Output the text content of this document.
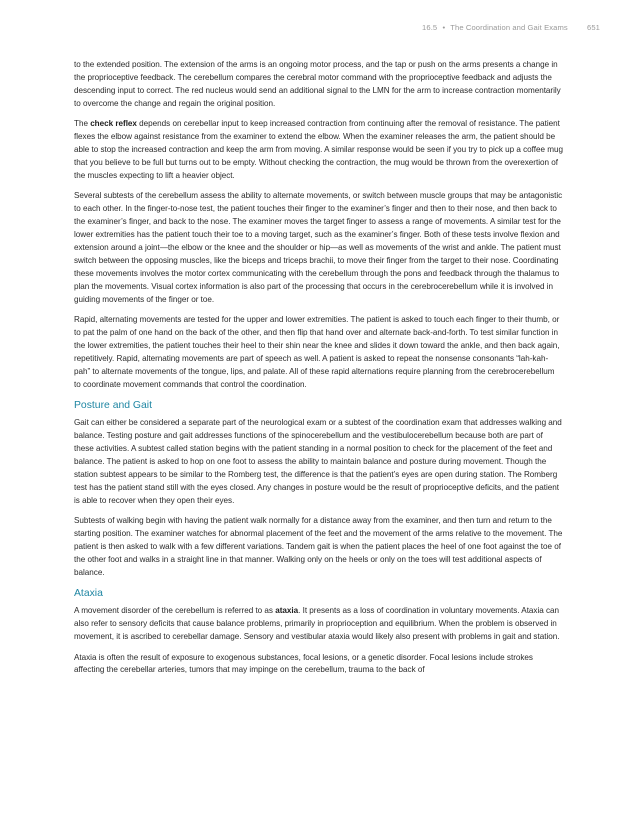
16.5 • The Coordination and Gait Exams	651

to the extended position. The extension of the arms is an ongoing motor process, and the tap or push on the arms presents a change in the proprioceptive feedback. The cerebellum compares the cerebral motor command with the proprioceptive feedback and adjusts the descending input to correct. The red nucleus would send an additional signal to the LMN for the arm to increase contraction momentarily to overcome the change and regain the original position.

The check reflex depends on cerebellar input to keep increased contraction from continuing after the removal of resistance. The patient flexes the elbow against resistance from the examiner to extend the elbow. When the examiner releases the arm, the patient should be able to stop the increased contraction and keep the arm from moving. A similar response would be seen if you try to pick up a coffee mug that you believe to be full but turns out to be empty. Without checking the contraction, the mug would be thrown from the overexertion of the muscles expecting to lift a heavier object.

Several subtests of the cerebellum assess the ability to alternate movements, or switch between muscle groups that may be antagonistic to each other. In the finger-to-nose test, the patient touches their finger to the examiner’s finger and then to their nose, and then back to the examiner’s finger, and back to the nose. The examiner moves the target finger to assess a range of movements. A similar test for the lower extremities has the patient touch their toe to a moving target, such as the examiner’s finger. Both of these tests involve flexion and extension around a joint—the elbow or the knee and the shoulder or hip—as well as movements of the wrist and ankle. The patient must switch between the opposing muscles, like the biceps and triceps brachii, to move their finger from the target to their nose. Coordinating these movements involves the motor cortex communicating with the cerebellum through the pons and feedback through the thalamus to plan the movements. Visual cortex information is also part of the processing that occurs in the cerebrocerebellum while it is involved in guiding movements of the finger or toe.

Rapid, alternating movements are tested for the upper and lower extremities. The patient is asked to touch each finger to their thumb, or to pat the palm of one hand on the back of the other, and then flip that hand over and alternate back-and-forth. To test similar function in the lower extremities, the patient touches their heel to their shin near the knee and slides it down toward the ankle, and then back again, repetitively. Rapid, alternating movements are part of speech as well. A patient is asked to repeat the nonsense consonants “lah-kah-pah” to alternate movements of the tongue, lips, and palate. All of these rapid alternations require planning from the cerebrocerebellum to coordinate movement commands that control the coordination.

Posture and Gait

Gait can either be considered a separate part of the neurological exam or a subtest of the coordination exam that addresses walking and balance. Testing posture and gait addresses functions of the spinocerebellum and the vestibulocerebellum because both are part of these activities. A subtest called station begins with the patient standing in a normal position to check for the placement of the feet and balance. The patient is asked to hop on one foot to assess the ability to maintain balance and posture during movement. Though the station subtest appears to be similar to the Romberg test, the difference is that the patient’s eyes are open during station. The Romberg test has the patient stand still with the eyes closed. Any changes in posture would be the result of proprioceptive deficits, and the patient is able to recover when they open their eyes.

Subtests of walking begin with having the patient walk normally for a distance away from the examiner, and then turn and return to the starting position. The examiner watches for abnormal placement of the feet and the movement of the arms relative to the movement. The patient is then asked to walk with a few different variations. Tandem gait is when the patient places the heel of one foot against the toe of the other foot and walks in a straight line in that manner. Walking only on the heels or only on the toes will test additional aspects of balance.

Ataxia

A movement disorder of the cerebellum is referred to as ataxia. It presents as a loss of coordination in voluntary movements. Ataxia can also refer to sensory deficits that cause balance problems, primarily in proprioception and equilibrium. When the problem is observed in movement, it is ascribed to cerebellar damage. Sensory and vestibular ataxia would likely also present with problems in gait and station.

Ataxia is often the result of exposure to exogenous substances, focal lesions, or a genetic disorder. Focal lesions include strokes affecting the cerebellar arteries, tumors that may impinge on the cerebellum, trauma to the back of
